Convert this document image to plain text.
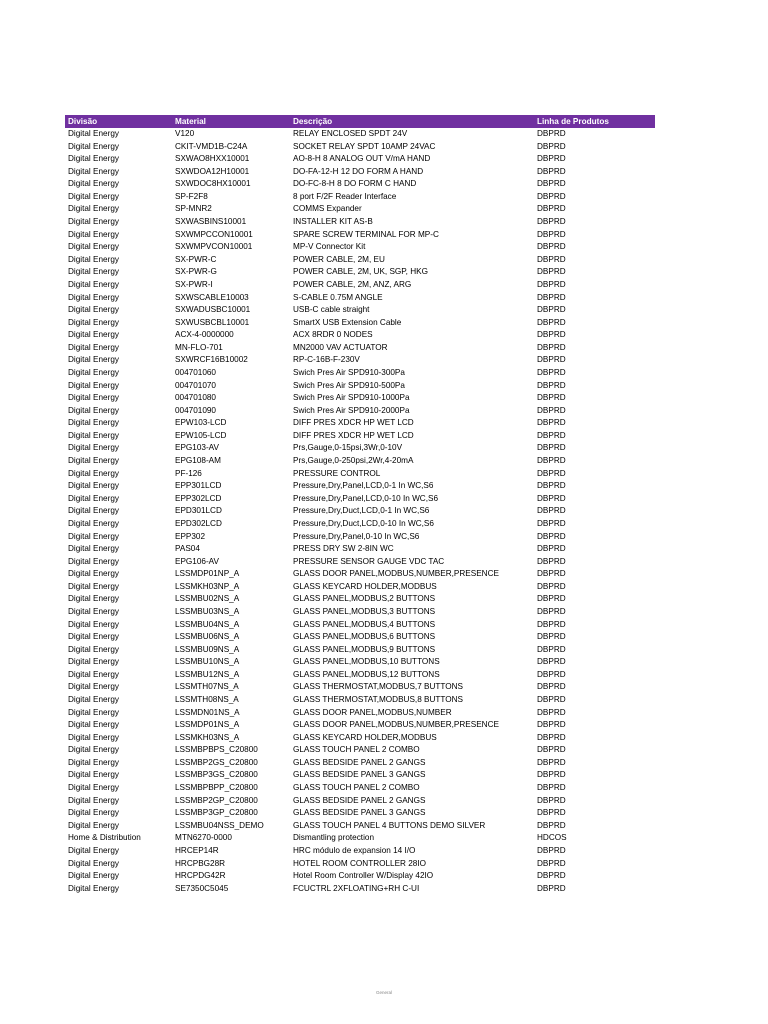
Divisão	Material	Descrição	Linha de Produtos
Digital Energy	V120	RELAY ENCLOSED SPDT 24V	DBPRD
Digital Energy	CKIT-VMD1B-C24A	SOCKET RELAY SPDT 10AMP 24VAC	DBPRD
Digital Energy	SXWAO8HXX10001	AO-8-H 8 ANALOG OUT V/mA HAND	DBPRD
Digital Energy	SXWDOA12H10001	DO-FA-12-H 12 DO FORM A HAND	DBPRD
Digital Energy	SXWDOC8HX10001	DO-FC-8-H 8 DO FORM C HAND	DBPRD
Digital Energy	SP-F2F8	8 port F/2F Reader Interface	DBPRD
Digital Energy	SP-MNR2	COMMS Expander	DBPRD
Digital Energy	SXWASBINS10001	INSTALLER KIT AS-B	DBPRD
Digital Energy	SXWMPCCON10001	SPARE SCREW TERMINAL FOR MP-C	DBPRD
Digital Energy	SXWMPVCON10001	MP-V Connector Kit	DBPRD
Digital Energy	SX-PWR-C	POWER CABLE, 2M, EU	DBPRD
Digital Energy	SX-PWR-G	POWER CABLE, 2M, UK, SGP, HKG	DBPRD
Digital Energy	SX-PWR-I	POWER CABLE, 2M, ANZ, ARG	DBPRD
Digital Energy	SXWSCABLE10003	S-CABLE 0.75M ANGLE	DBPRD
Digital Energy	SXWADUSBC10001	USB-C cable straight	DBPRD
Digital Energy	SXWUSBCBL10001	SmartX USB Extension Cable	DBPRD
Digital Energy	ACX-4-0000000	ACX 8RDR 0 NODES	DBPRD
Digital Energy	MN-FLO-701	MN2000 VAV ACTUATOR	DBPRD
Digital Energy	SXWRCF16B10002	RP-C-16B-F-230V	DBPRD
Digital Energy	004701060	Swich Pres Air SPD910-300Pa	DBPRD
Digital Energy	004701070	Swich Pres Air SPD910-500Pa	DBPRD
Digital Energy	004701080	Swich Pres Air SPD910-1000Pa	DBPRD
Digital Energy	004701090	Swich Pres Air SPD910-2000Pa	DBPRD
Digital Energy	EPW103-LCD	DIFF PRES XDCR HP WET LCD	DBPRD
Digital Energy	EPW105-LCD	DIFF PRES XDCR HP WET LCD	DBPRD
Digital Energy	EPG103-AV	Prs,Gauge,0-15psi,3Wr,0-10V	DBPRD
Digital Energy	EPG108-AM	Prs,Gauge,0-250psi,2Wr,4-20mA	DBPRD
Digital Energy	PF-126	PRESSURE CONTROL	DBPRD
Digital Energy	EPP301LCD	Pressure,Dry,Panel,LCD,0-1 In WC,S6	DBPRD
Digital Energy	EPP302LCD	Pressure,Dry,Panel,LCD,0-10 In WC,S6	DBPRD
Digital Energy	EPD301LCD	Pressure,Dry,Duct,LCD,0-1 In WC,S6	DBPRD
Digital Energy	EPD302LCD	Pressure,Dry,Duct,LCD,0-10 In WC,S6	DBPRD
Digital Energy	EPP302	Pressure,Dry,Panel,0-10 In WC,S6	DBPRD
Digital Energy	PAS04	PRESS DRY SW 2-8IN WC	DBPRD
Digital Energy	EPG106-AV	PRESSURE SENSOR GAUGE VDC TAC	DBPRD
Digital Energy	LSSMDP01NP_A	GLASS DOOR PANEL,MODBUS,NUMBER,PRESENCE	DBPRD
Digital Energy	LSSMKH03NP_A	GLASS KEYCARD HOLDER,MODBUS	DBPRD
Digital Energy	LSSMBU02NS_A	GLASS PANEL,MODBUS,2 BUTTONS	DBPRD
Digital Energy	LSSMBU03NS_A	GLASS PANEL,MODBUS,3 BUTTONS	DBPRD
Digital Energy	LSSMBU04NS_A	GLASS PANEL,MODBUS,4 BUTTONS	DBPRD
Digital Energy	LSSMBU06NS_A	GLASS PANEL,MODBUS,6 BUTTONS	DBPRD
Digital Energy	LSSMBU09NS_A	GLASS PANEL,MODBUS,9 BUTTONS	DBPRD
Digital Energy	LSSMBU10NS_A	GLASS PANEL,MODBUS,10 BUTTONS	DBPRD
Digital Energy	LSSMBU12NS_A	GLASS PANEL,MODBUS,12 BUTTONS	DBPRD
Digital Energy	LSSMTH07NS_A	GLASS THERMOSTAT,MODBUS,7 BUTTONS	DBPRD
Digital Energy	LSSMTH08NS_A	GLASS THERMOSTAT,MODBUS,8 BUTTONS	DBPRD
Digital Energy	LSSMDN01NS_A	GLASS DOOR PANEL,MODBUS,NUMBER	DBPRD
Digital Energy	LSSMDP01NS_A	GLASS DOOR PANEL,MODBUS,NUMBER,PRESENCE	DBPRD
Digital Energy	LSSMKH03NS_A	GLASS KEYCARD HOLDER,MODBUS	DBPRD
Digital Energy	LSSMBPBPS_C20800	GLASS TOUCH PANEL 2 COMBO	DBPRD
Digital Energy	LSSMBP2GS_C20800	GLASS BEDSIDE PANEL 2 GANGS	DBPRD
Digital Energy	LSSMBP3GS_C20800	GLASS BEDSIDE PANEL 3 GANGS	DBPRD
Digital Energy	LSSMBPBPP_C20800	GLASS TOUCH PANEL 2 COMBO	DBPRD
Digital Energy	LSSMBP2GP_C20800	GLASS BEDSIDE PANEL 2 GANGS	DBPRD
Digital Energy	LSSMBP3GP_C20800	GLASS BEDSIDE PANEL 3 GANGS	DBPRD
Digital Energy	LSSMBU04NSS_DEMO	GLASS TOUCH PANEL 4 BUTTONS DEMO SILVER	DBPRD
Home & Distribution	MTN6270-0000	Dismantling protection	HDCOS
Digital Energy	HRCEP14R	HRC módulo de expansion 14 I/O	DBPRD
Digital Energy	HRCPBG28R	HOTEL ROOM CONTROLLER 28IO	DBPRD
Digital Energy	HRCPDG42R	Hotel Room Controller W/Display 42IO	DBPRD
Digital Energy	SE7350C5045	FCUCTRL 2XFLOATING+RH C-UI	DBPRD
General
